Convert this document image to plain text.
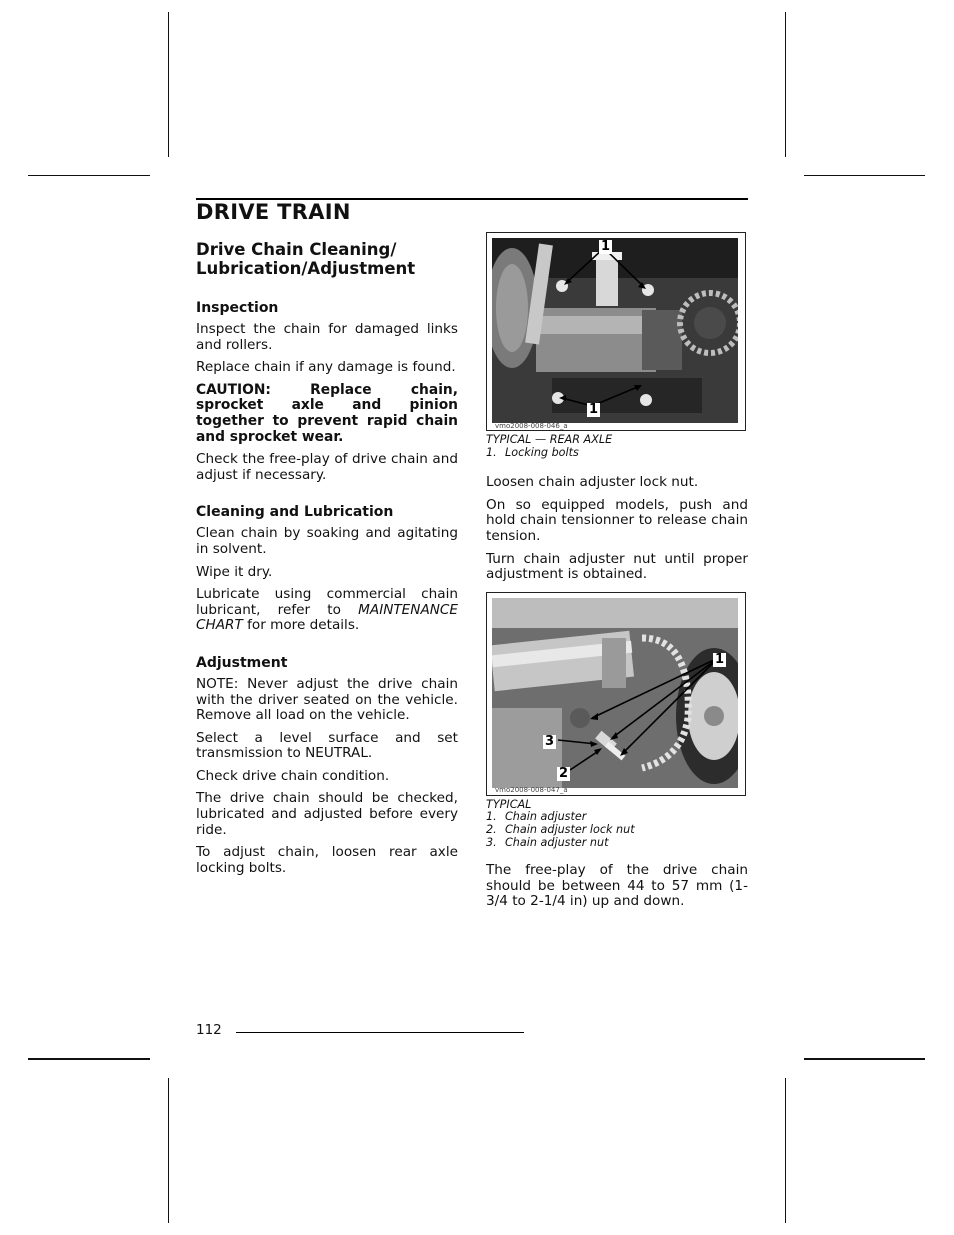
DRIVE TRAIN
Drive Chain Cleaning/ Lubrication/Adjustment
Inspection

Inspect the chain for damaged links and rollers.

Replace chain if any damage is found.

CAUTION: Replace chain, sprocket axle and pinion together to prevent rapid chain and sprocket wear.

Check the free-play of drive chain and adjust if necessary.

Cleaning and Lubrication

Clean chain by soaking and agitating in solvent.

Wipe it dry.

Lubricate using commercial chain lubricant, refer to MAINTENANCE CHART for more details.

Adjustment

NOTE: Never adjust the drive chain with the driver seated on the vehicle. Remove all load on the vehicle.

Select a level surface and set transmission to NEUTRAL.

Check drive chain condition.

The drive chain should be checked, lubricated and adjusted before every ride.

To adjust chain, loosen rear axle locking bolts.

1
1
vmo2008-008-046_a

TYPICAL — REAR AXLE

1. Locking bolts

Loosen chain adjuster lock nut.

On so equipped models, push and hold chain tensionner to release chain tension.

Turn chain adjuster nut until proper adjustment is obtained.

1
3
2
vmo2008-008-047_a

TYPICAL

1. Chain adjuster
2. Chain adjuster lock nut
3. Chain adjuster nut

The free-play of the drive chain should be between 44 to 57 mm (1-3/4 to 2-1/4 in) up and down.

112
